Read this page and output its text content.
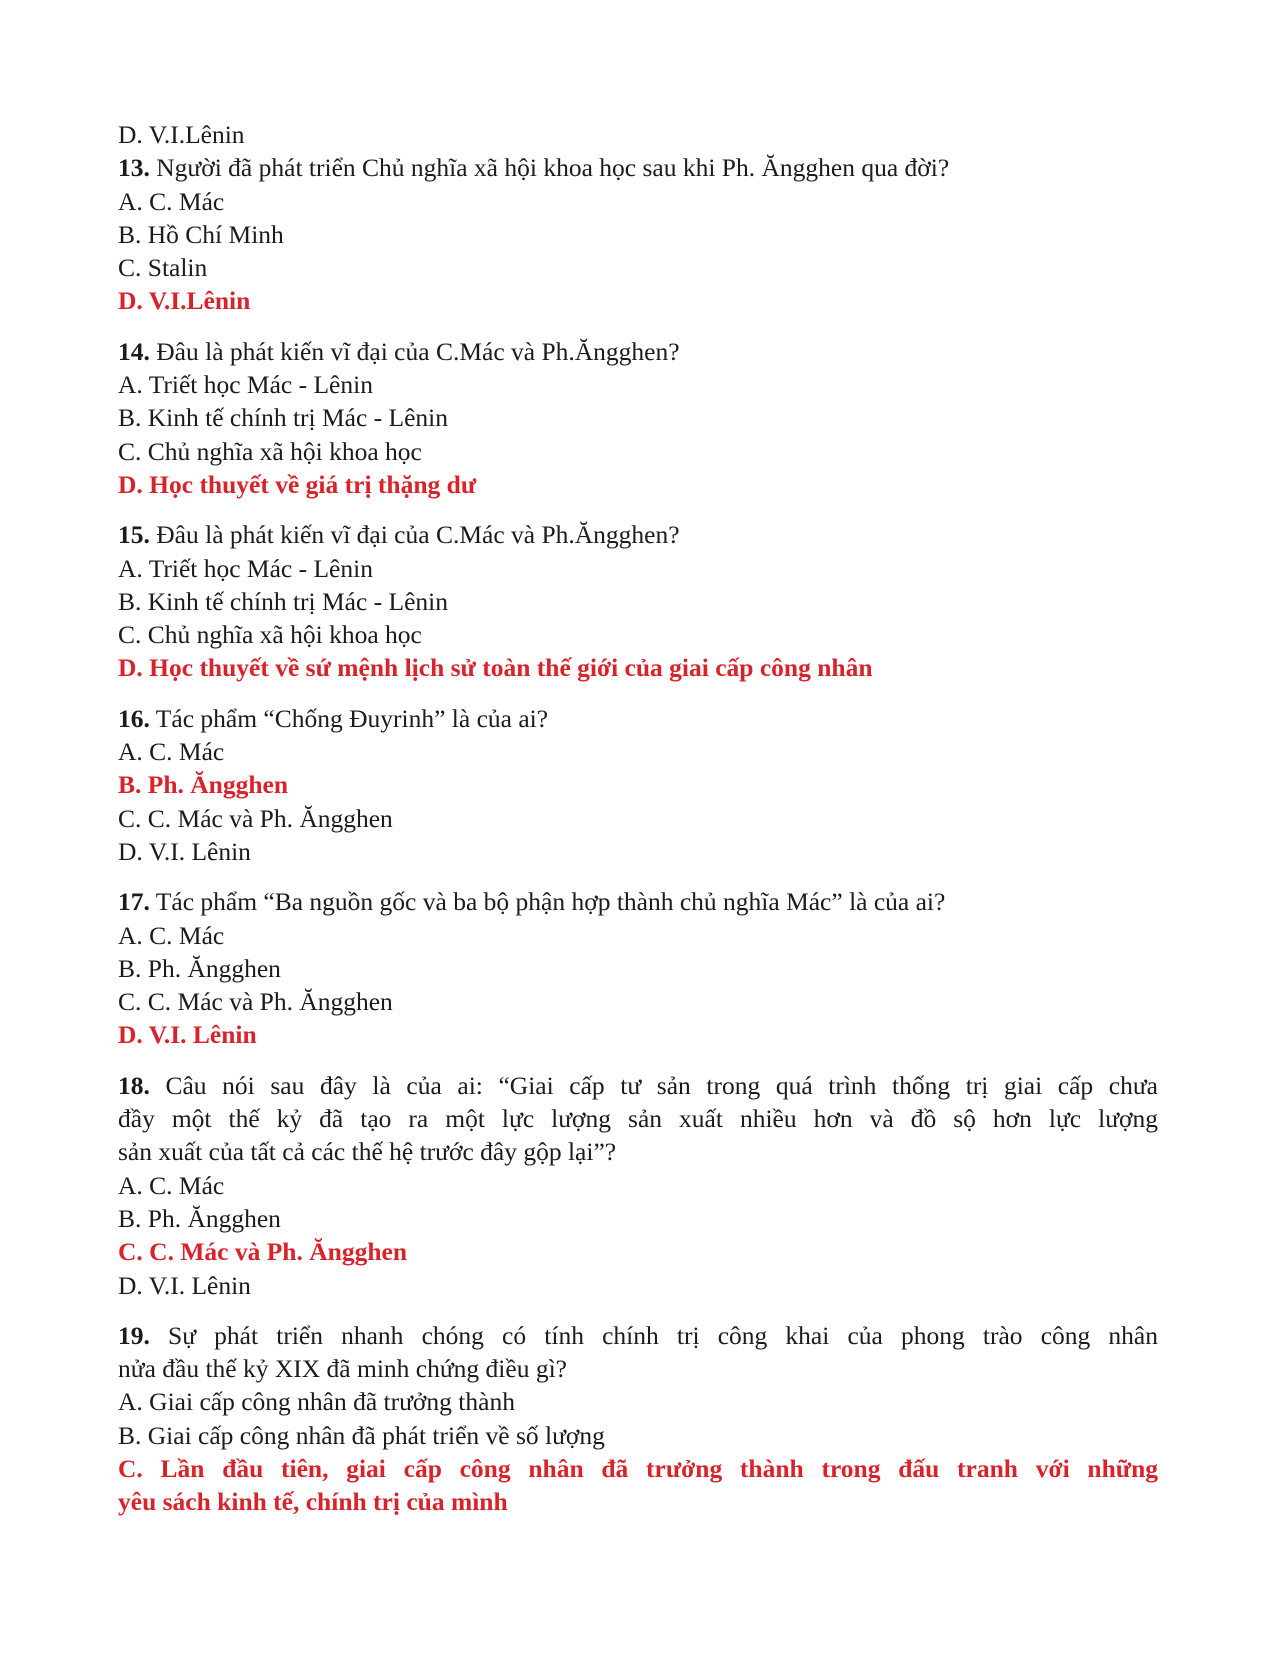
D. V.I.Lênin
13. Người đã phát triển Chủ nghĩa xã hội khoa học sau khi Ph. Ăngghen qua đời?
A. C. Mác
B. Hồ Chí Minh
C. Stalin
D. V.I.Lênin
14. Đâu là phát kiến vĩ đại của C.Mác và Ph.Ăngghen?
A. Triết học Mác - Lênin
B. Kinh tế chính trị Mác - Lênin
C. Chủ nghĩa xã hội khoa học
D. Học thuyết về giá trị thặng dư
15. Đâu là phát kiến vĩ đại của C.Mác và Ph.Ăngghen?
A. Triết học Mác - Lênin
B. Kinh tế chính trị Mác - Lênin
C. Chủ nghĩa xã hội khoa học
D. Học thuyết về sứ mệnh lịch sử toàn thế giới của giai cấp công nhân
16. Tác phẩm “Chống Đuyrinh” là của ai?
A. C. Mác
B. Ph. Ăngghen
C. C. Mác và Ph. Ăngghen
D. V.I. Lênin
17. Tác phẩm “Ba nguồn gốc và ba bộ phận hợp thành chủ nghĩa Mác” là của ai?
A. C. Mác
B. Ph. Ăngghen
C. C. Mác và Ph. Ăngghen
D. V.I. Lênin
18. Câu nói sau đây là của ai: “Giai cấp tư sản trong quá trình thống trị giai cấp chưa
đầy một thế kỷ đã tạo ra một lực lượng sản xuất nhiều hơn và đồ sộ hơn lực lượng
sản xuất của tất cả các thế hệ trước đây gộp lại”?
A. C. Mác
B. Ph. Ăngghen
C. C. Mác và Ph. Ăngghen
D. V.I. Lênin
19. Sự phát triển nhanh chóng có tính chính trị công khai của phong trào công nhân
nửa đầu thế kỷ XIX đã minh chứng điều gì?
A. Giai cấp công nhân đã trưởng thành
B. Giai cấp công nhân đã phát triển về số lượng
C. Lần đầu tiên, giai cấp công nhân đã trưởng thành trong đấu tranh với những
yêu sách kinh tế, chính trị của mình
